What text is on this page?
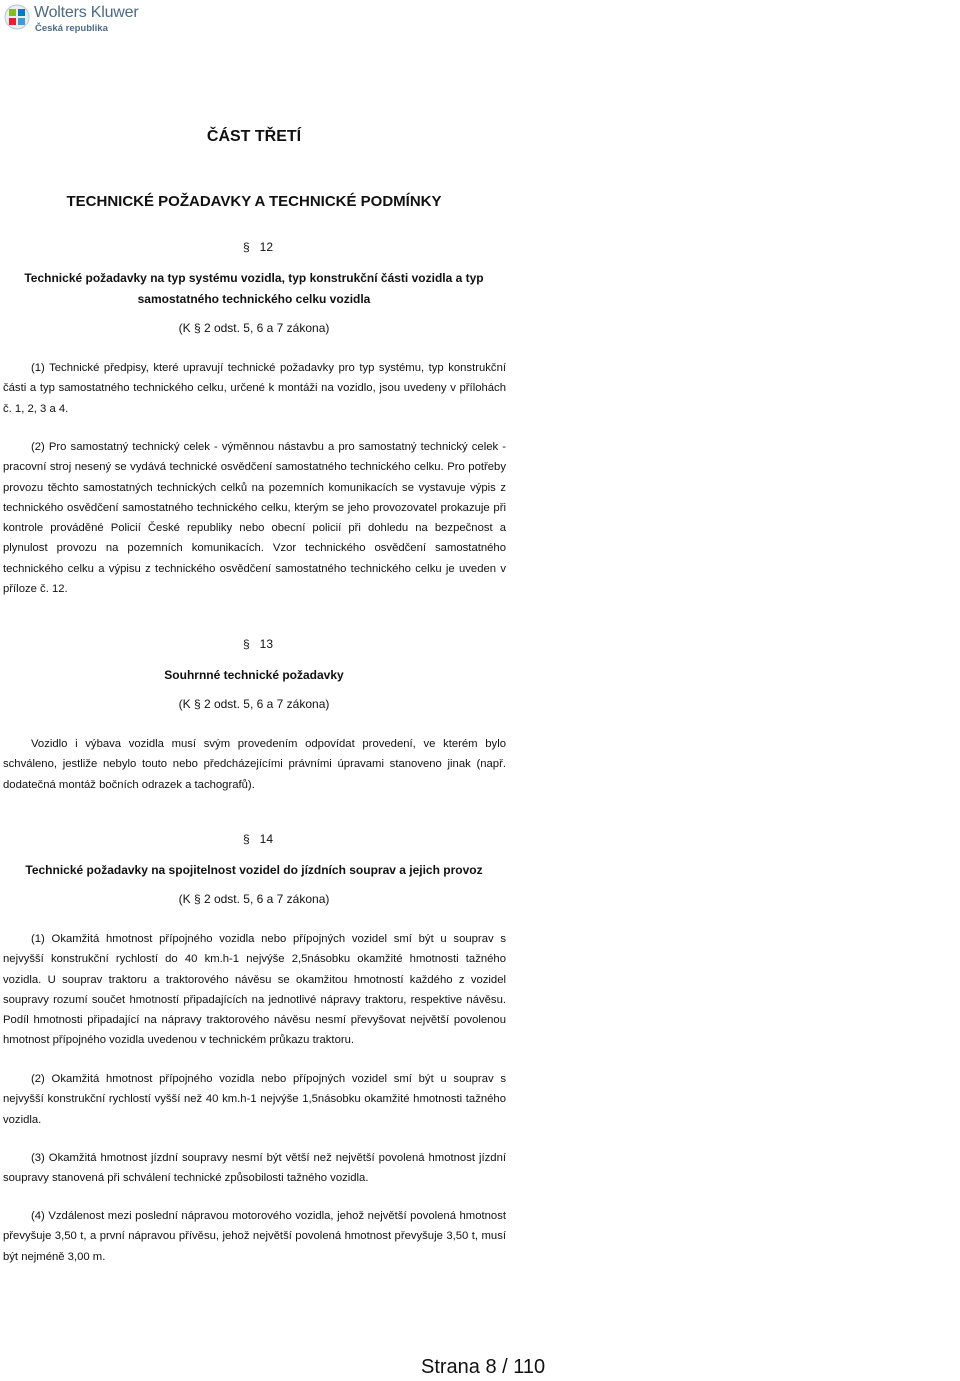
Wolters Kluwer
Česká republika
ČÁST TŘETÍ
TECHNICKÉ POŽADAVKY A TECHNICKÉ PODMÍNKY
§ 12
Technické požadavky na typ systému vozidla, typ konstrukční části vozidla a typ
samostatného technického celku vozidla
(K § 2 odst. 5, 6 a 7 zákona)

(1) Technické předpisy, které upravují technické požadavky pro typ systému, typ konstrukční části a typ samostatného technického celku, určené k montáži na vozidlo, jsou uvedeny v přílohách č. 1, 2, 3 a 4.

(2) Pro samostatný technický celek - výměnnou nástavbu a pro samostatný technický celek - pracovní stroj nesený se vydává technické osvědčení samostatného technického celku. Pro potřeby provozu těchto samostatných technických celků na pozemních komunikacích se vystavuje výpis z technického osvědčení samostatného technického celku, kterým se jeho provozovatel prokazuje při kontrole prováděné Policií České republiky nebo obecní policií při dohledu na bezpečnost a plynulost provozu na pozemních komunikacích. Vzor technického osvědčení samostatného technického celku a výpisu z technického osvědčení samostatného technického celku je uveden v příloze č. 12.

§ 13
Souhrnné technické požadavky
(K § 2 odst. 5, 6 a 7 zákona)

Vozidlo i výbava vozidla musí svým provedením odpovídat provedení, ve kterém bylo schváleno, jestliže nebylo touto nebo předcházejícími právními úpravami stanoveno jinak (např. dodatečná montáž bočních odrazek a tachografů).

§ 14
Technické požadavky na spojitelnost vozidel do jízdních souprav a jejich provoz
(K § 2 odst. 5, 6 a 7 zákona)

(1) Okamžitá hmotnost přípojného vozidla nebo přípojných vozidel smí být u souprav s nejvyšší konstrukční rychlostí do 40 km.h-1 nejvýše 2,5násobku okamžité hmotnosti tažného vozidla. U souprav traktoru a traktorového návěsu se okamžitou hmotností každého z vozidel soupravy rozumí součet hmotností připadajících na jednotlivé nápravy traktoru, respektive návěsu. Podíl hmotnosti připadající na nápravy traktorového návěsu nesmí převyšovat největší povolenou hmotnost přípojného vozidla uvedenou v technickém průkazu traktoru.

(2) Okamžitá hmotnost přípojného vozidla nebo přípojných vozidel smí být u souprav s nejvyšší konstrukční rychlostí vyšší než 40 km.h-1 nejvýše 1,5násobku okamžité hmotnosti tažného vozidla.

(3) Okamžitá hmotnost jízdní soupravy nesmí být větší než největší povolená hmotnost jízdní soupravy stanovená při schválení technické způsobilosti tažného vozidla.

(4) Vzdálenost mezi poslední nápravou motorového vozidla, jehož největší povolená hmotnost převyšuje 3,50 t, a první nápravou přívěsu, jehož největší povolená hmotnost převyšuje 3,50 t, musí být nejméně 3,00 m.

Strana 8 / 110
